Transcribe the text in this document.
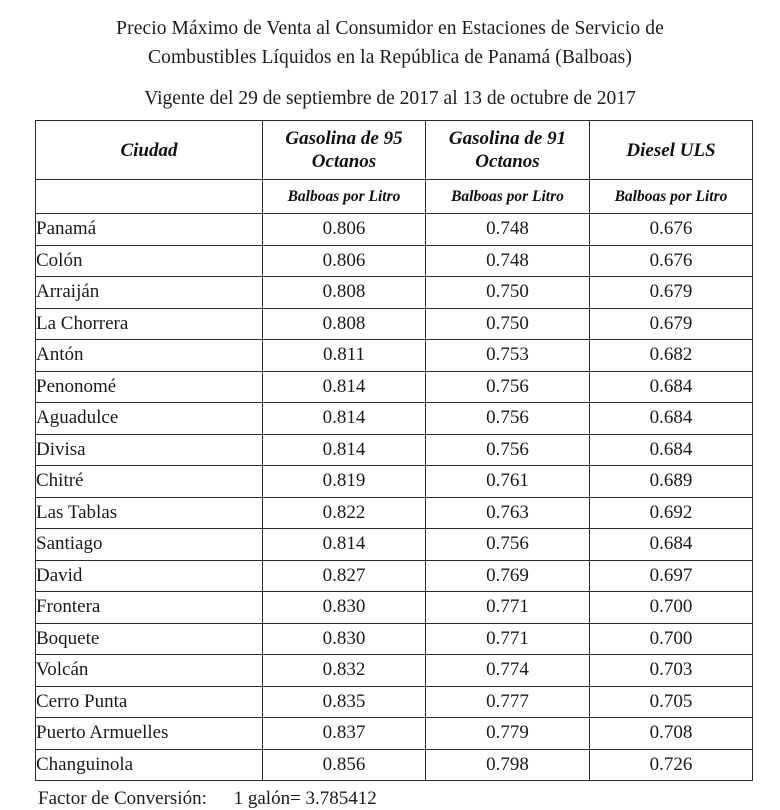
Precio Máximo de Venta al Consumidor en Estaciones de Servicio de
Combustibles Líquidos en la República de Panamá (Balboas)
Vigente del 29 de septiembre de 2017 al 13 de octubre de 2017
Ciudad	Gasolina de 95 Octanos	Gasolina de 91 Octanos	Diesel ULS
	Balboas por Litro	Balboas por Litro	Balboas por Litro
Panamá	0.806	0.748	0.676
Colón	0.806	0.748	0.676
Arraiján	0.808	0.750	0.679
La Chorrera	0.808	0.750	0.679
Antón	0.811	0.753	0.682
Penonomé	0.814	0.756	0.684
Aguadulce	0.814	0.756	0.684
Divisa	0.814	0.756	0.684
Chitré	0.819	0.761	0.689
Las Tablas	0.822	0.763	0.692
Santiago	0.814	0.756	0.684
David	0.827	0.769	0.697
Frontera	0.830	0.771	0.700
Boquete	0.830	0.771	0.700
Volcán	0.832	0.774	0.703
Cerro Punta	0.835	0.777	0.705
Puerto Armuelles	0.837	0.779	0.708
Changuinola	0.856	0.798	0.726
Factor de Conversión: 1 galón= 3.785412
